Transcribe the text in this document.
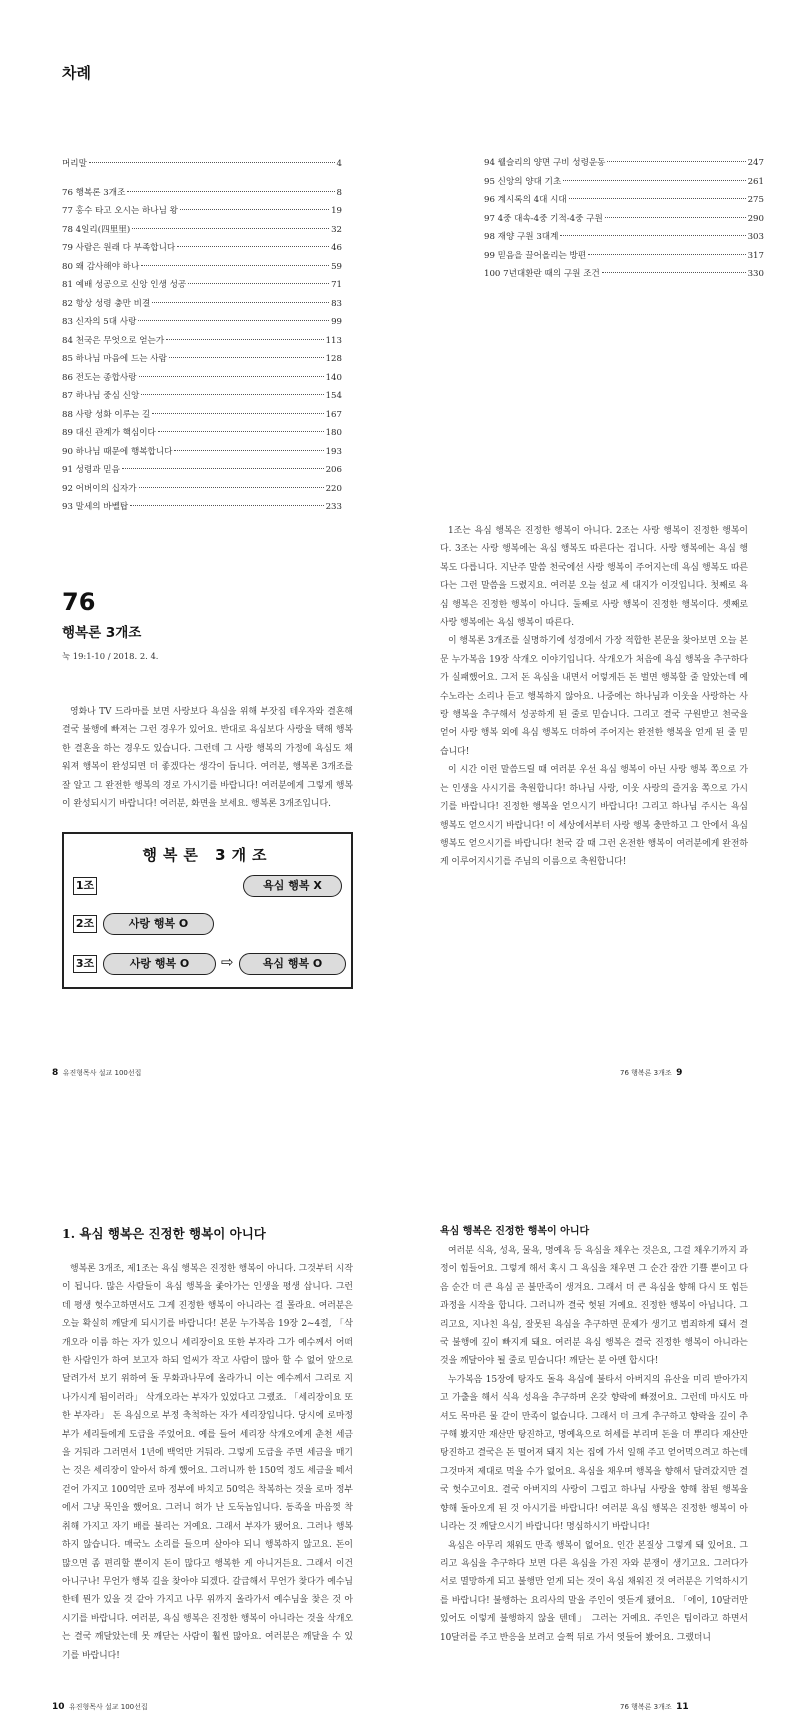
차례
머리말	4
76 행복론 3개조	8
77 홍수 타고 오시는 하나님 왕	19
78 4일리(四里里)	32
79 사람은 원래 다 부족합니다	46
80 왜 감사해야 하나	59
81 예배 성공으로 신앙 인생 성공	71
82 항상 성령 충만 비결	83
83 신자의 5대 사랑	99
84 천국은 무엇으로 얻는가	113
85 하나님 마음에 드는 사람	128
86 전도는 종합사랑	140
87 하나님 중심 신앙	154
88 사랑 성화 이루는 길	167
89 대신 관계가 핵심이다	180
90 하나님 때문에 행복합니다	193
91 성령과 믿음	206
92 어버이의 십자가	220
93 말세의 바벨탑	233
94 웰슬리의 양면 구비 성령운동	247
95 신앙의 양대 기초	261
96 계시록의 4대 시대	275
97 4중 대속-4중 기적-4중 구원	290
98 재양 구원 3대계	303
99 믿음을 끌어올리는 방편	317
100 7년대환란 때의 구원 조건	330
76
행복론 3개조
눅 19:1-10 / 2018. 2. 4.

영화나 TV 드라마를 보면 사랑보다 욕심을 위해 부잣집 테우자와 결혼해 결국 불행에 빠져는 그런 경우가 있어요. 반대로 욕심보다 사랑을 택해 행복한 결혼을 하는 경우도 있습니다. 그런데 그 사랑 행복의 가정에 욕심도 채워져 행복이 완성되면 더 좋겠다는 생각이 듭니다. 여러분, 행복론 3개조를 잘 알고 그 완전한 행복의 경로 가시기를 바랍니다! 여러분에게 그렇게 행복이 완성되시기 바랍니다! 여러분, 화면을 보세요. 행복론 3개조입니다.

행복론 3개조
1조	욕심 행복 X
2조	사랑 행복 O
3조	사랑 행복 O	⇨	욕심 행복 O
8 유진형목사 설교 100선집

1조는 욕심 행복은 진정한 행복이 아니다. 2조는 사랑 행복이 진정한 행복이다. 3조는 사랑 행복에는 욕심 행복도 따른다는 겁니다. 사랑 행복에는 욕심 행복도 다릅니다. 지난주 말씀 천국에선 사랑 행복이 주어지는데 욕심 행복도 따른다는 그런 말씀을 드렸지요. 여러분 오늘 설교 세 대지가 이것입니다. 첫째로 욕심 행복은 진정한 행복이 아니다. 둘째로 사랑 행복이 진정한 행복이다. 셋째로 사랑 행복에는 욕심 행복이 따른다.

이 행복론 3개조를 실명하기에 성경에서 가장 적합한 본문을 찾아보면 오늘 본문 누가복음 19장 삭개오 이야기입니다. 삭개오가 처음에 욕심 행복을 추구하다가 실패했어요. 그저 돈 욕심을 내면서 어렇게든 돈 벌면 행복할 줄 알았는데 예수노라는 소리나 듣고 행복하지 않아요. 나중에는 하나님과 이웃을 사랑하는 사랑 행복을 추구해서 성공하게 된 줄로 믿습니다. 그리고 결국 구원받고 천국을 얻어 사랑 행복 외에 욕심 행복도 더하여 주어지는 완전한 행복을 얻게 된 줄 믿습니다!

이 시간 이런 말씀드릴 때 여러분 우선 욕심 행복이 아닌 사랑 행복 쪽으로 가는 인생을 사시기를 축원합니다! 하나님 사랑, 이웃 사랑의 즐거움 쪽으로 가시기를 바랍니다! 진정한 행복을 얻으시기 바랍니다! 그리고 하나님 주시는 욕심 행복도 얻으시기 바랍니다! 이 세상에서부터 사랑 행복 충만하고 그 안에서 욕심 행복도 얻으시기를 바랍니다! 천국 갈 때 그런 온전한 행복이 여러분에게 완전하게 이루어지시기를 주님의 이름으로 축원합니다!

76 행복론 3개조 9
1. 욕심 행복은 진정한 행복이 아니다

행복론 3개조, 제1조는 욕심 행복은 진정한 행복이 아니다. 그것부터 시작이 됩니다. 많은 사람들이 욕심 행복을 좇아가는 인생을 평생 삽니다. 그런데 평생 헛수고하면서도 그게 진정한 행복이 아니라는 걸 몰라요. 여러분은 오늘 확실히 깨달게 되시기를 바랍니다! 본문 누가복음 19장 2~4절, 「삭개오라 이름 하는 자가 있으니 세리장이요 또한 부자라 그가 예수께서 어떠한 사람인가 하여 보고자 하되 얼씨가 작고 사람이 많아 할 수 없어 앞으로 달려가서 보기 위하여 돌 무화과나무에 올라가니 이는 예수께서 그리로 지나가시게 됨이러라」 삭개오라는 부자가 있었다고 그랬죠. 「세리장이요 또한 부자라」 돈 욕심으로 부정 축척하는 자가 세리장입니다. 당시에 로마정부가 세리들에게 도급을 주었어요. 예를 들어 세리장 삭개오에게 춘천 세금을 거둬라 그러면서 1년에 백억만 거둬라. 그렇게 도급을 주면 세금을 매기는 것은 세리장이 알아서 하게 했어요. 그러니까 한 150억 정도 세금을 떼서 걷어 가지고 100억만 로마 정부에 바치고 50억은 착복하는 것을 로마 정부에서 그냥 묵인을 했어요. 그러니 허가 난 도둑놈입니다. 동족을 마음껏 착취해 가지고 자기 배를 불리는 거예요. 그래서 부자가 됐어요. 그러나 행복하지 않습니다. 매국노 소리를 들으며 살아야 되니 행복하지 않고요. 돈이 많으면 좀 편리할 뿐이지 돈이 많다고 행복한 게 아니거든요. 그래서 이건 아니구나! 무언가 행복 길을 찾아야 되겠다. 갈급해서 무언가 찾다가 예수님한테 뭔가 있을 것 같아 가지고 나무 위까지 올라가서 예수님을 찾은 것 아시기를 바랍니다. 여러분, 욕심 행복은 진정한 행복이 아니라는 것을 삭개오는 결국 깨달았는데 못 깨닫는 사람이 훨씬 많아요. 여러분은 깨달을 수 있기를 바랍니다!

10 유진형목사 설교 100선집
욕심 행복은 진정한 행복이 아니다

여러분 식욕, 성욕, 물욕, 명예욕 등 욕심을 채우는 것은요, 그걸 채우기까지 과정이 힘들어요. 그렇게 해서 혹시 그 욕심을 채우면 그 순간 잠깐 기쁠 뿐이고 다음 순간 더 큰 욕심 곧 불만족이 생겨요. 그래서 더 큰 욕심을 향해 다시 또 힘든 과정을 시작을 합니다. 그러니까 결국 헛된 거예요. 진정한 행복이 아닙니다. 그리고요, 지나친 욕심, 잘못된 욕심을 추구하면 문제가 생기고 범죄하게 돼서 결국 불행에 깊이 빠지게 돼요. 여러분 욕심 행복은 결국 진정한 행복이 아니라는 것을 깨달아야 될 줄로 믿습니다! 깨닫는 분 아멘 합시다!

누가복음 15장에 탕자도 돌욕 욕심에 불타서 아버지의 유산을 미리 받아가지고 가출을 해서 식욕 성욕을 추구하며 온갖 향락에 빠졌어요. 그런데 마시도 마셔도 목마른 물 같이 만족이 없습니다. 그래서 더 크게 추구하고 향락을 깊이 추구해 봤지만 재산만 탕진하고, 명예욕으로 허세를 부리며 돈을 더 뿌리다 재산만 탕진하고 결국은 돈 떨어져 돼지 치는 집에 가서 일해 주고 얻어먹으려고 하는데 그것마저 제대로 먹을 수가 없어요. 욕심을 채우며 행복을 향해서 달려갔지만 결국 헛수고이요. 결국 아버지의 사랑이 그립고 하나님 사랑을 향해 참된 행복을 향해 돌아오게 된 것 아시기를 바랍니다! 여러분 욕심 행복은 진정한 행복이 아니라는 것 깨달으시기 바랍니다! 명심하시기 바랍니다!

욕심은 아무리 채워도 만족 행복이 없어요. 인간 본질상 그렇게 돼 있어요. 그리고 욕심을 추구하다 보면 다른 욕심을 가진 자와 분쟁이 생기고요. 그러다가 서로 멸망하게 되고 불행만 얻게 되는 것이 욕심 채워진 것 여러분은 기억하시기를 바랍니다! 불행하는 요리사의 말을 주인이 엿듣게 됐어요. 「에이, 10달러만 있어도 이렇게 불행하지 않을 텐데」 그러는 거예요. 주인은 팁이라고 하면서 10달러를 주고 반응을 보려고 슬쩍 뒤로 가서 엿들어 봤어요. 그랬더니

76 행복론 3개조 11
